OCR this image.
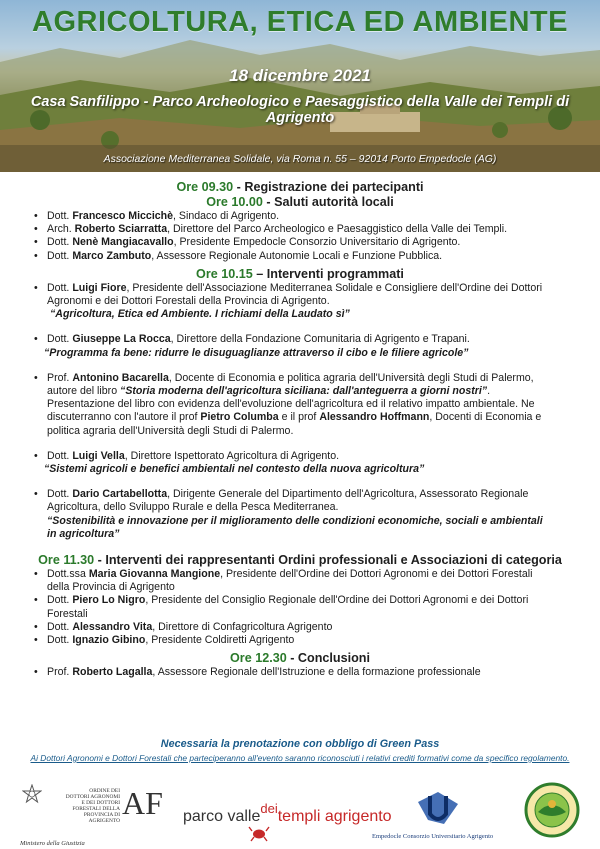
AGRICOLTURA, ETICA ED AMBIENTE
18 dicembre 2021
Casa Sanfilippo - Parco Archeologico e Paesaggistico della Valle dei Templi di Agrigento
Associazione Mediterranea Solidale, via Roma n. 55 – 92014 Porto Empedocle (AG)
Ore 09.30 - Registrazione dei partecipanti
Ore 10.00 - Saluti autorità locali
• Dott. Francesco Miccichè, Sindaco di Agrigento.
• Arch. Roberto Sciarratta, Direttore del Parco Archeologico e Paesaggistico della Valle dei Templi.
• Dott. Nenè Mangiacavallo, Presidente Empedocle Consorzio Universitario di Agrigento.
• Dott. Marco Zambuto, Assessore Regionale Autonomie Locali e Funzione Pubblica.
Ore 10.15 – Interventi programmati
• Dott. Luigi Fiore, Presidente dell'Associazione Mediterranea Solidale e Consigliere dell'Ordine dei Dottori Agronomi e dei Dottori Forestali della Provincia di Agrigento.
“Agricoltura, Etica ed Ambiente. I richiami della Laudato sì”
• Dott. Giuseppe La Rocca, Direttore della Fondazione Comunitaria di Agrigento e Trapani.
“Programma fa bene: ridurre le disuguaglianze attraverso il cibo e le filiere agricole”
• Prof. Antonino Bacarella, Docente di Economia e politica agraria dell'Università degli Studi di Palermo, autore del libro “Storia moderna dell'agricoltura siciliana: dall'anteguerra a giorni nostri”. Presentazione del libro con evidenza dell'evoluzione dell'agricoltura ed il relativo impatto ambientale. Ne discuterranno con l'autore il prof Pietro Columba e il prof Alessandro Hoffmann, Docenti di Economia e politica agraria dell'Università degli Studi di Palermo.
• Dott. Luigi Vella, Direttore Ispettorato Agricoltura di Agrigento.
“Sistemi agricoli e benefici ambientali nel contesto della nuova agricoltura”
• Dott. Dario Cartabellotta, Dirigente Generale del Dipartimento dell'Agricoltura, Assessorato Regionale Agricoltura, dello Sviluppo Rurale e della Pesca Mediterranea.
“Sostenibilità e innovazione per il miglioramento delle condizioni economiche, sociali e ambientali in agricoltura”
Ore 11.30 - Interventi dei rappresentanti Ordini professionali e Associazioni di categoria
• Dott.ssa Maria Giovanna Mangione, Presidente dell'Ordine dei Dottori Agronomi e dei Dottori Forestali della Provincia di Agrigento
• Dott. Piero Lo Nigro, Presidente del Consiglio Regionale dell'Ordine dei Dottori Agronomi e dei Dottori Forestali
• Dott. Alessandro Vita, Direttore di Confagricoltura Agrigento
• Dott. Ignazio Gibino, Presidente Coldiretti Agrigento
Ore 12.30 - Conclusioni
• Prof. Roberto Lagalla, Assessore Regionale dell'Istruzione e della formazione professionale
Necessaria la prenotazione con obbligo di Green Pass
Ai Dottori Agronomi e Dottori Forestali che parteciperanno all'evento saranno riconosciuti i relativi crediti formativi come da specifico regolamento.
ORDINE DEI DOTTORI AGRONOMI E DEI DOTTORI FORESTALI DELLA PROVINCIA DI AGRIGENTO AF
Ministero della Giustizia
parco valle$^{dei}$templi agrigento
Empedocle Consorzio Universitario Agrigento
